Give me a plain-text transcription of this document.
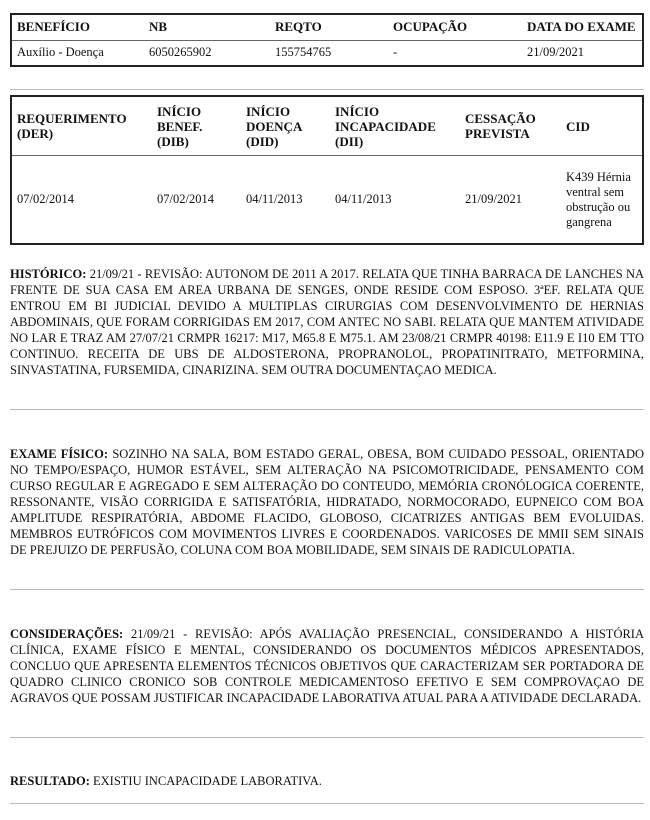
BENEFÍCIO	NB	REQTO	OCUPAÇÃO	DATA DO EXAME
Auxílio - Doença	6050265902	155754765	-	21/09/2021
REQUERIMENTO (DER)	INÍCIO BENEF. (DIB)	INÍCIO DOENÇA (DID)	INÍCIO INCAPACIDADE (DII)	CESSAÇÃO PREVISTA	CID
07/02/2014	07/02/2014	04/11/2013	04/11/2013	21/09/2021	K439 Hérnia ventral sem obstrução ou gangrena
HISTÓRICO: 21/09/21 - REVISÃO: AUTONOM DE 2011 A 2017. RELATA QUE TINHA BARRACA DE LANCHES NA FRENTE DE SUA CASA EM AREA URBANA DE SENGES, ONDE RESIDE COM ESPOSO. 3ªEF. RELATA QUE ENTROU EM BI JUDICIAL DEVIDO A MULTIPLAS CIRURGIAS COM DESENVOLVIMENTO DE HERNIAS ABDOMINAIS, QUE FORAM CORRIGIDAS EM 2017, COM ANTEC NO SABI. RELATA QUE MANTEM ATIVIDADE NO LAR E TRAZ AM 27/07/21 CRMPR 16217: M17, M65.8 E M75.1. AM 23/08/21 CRMPR 40198: E11.9 E I10 EM TTO CONTINUO. RECEITA DE UBS DE ALDOSTERONA, PROPRANOLOL, PROPATINITRATO, METFORMINA, SINVASTATINA, FURSEMIDA, CINARIZINA. SEM OUTRA DOCUMENTAÇAO MEDICA.
EXAME FÍSICO: SOZINHO NA SALA, BOM ESTADO GERAL, OBESA, BOM CUIDADO PESSOAL, ORIENTADO NO TEMPO/ESPAÇO, HUMOR ESTÁVEL, SEM ALTERAÇÃO NA PSICOMOTRICIDADE, PENSAMENTO COM CURSO REGULAR E AGREGADO E SEM ALTERAÇÃO DO CONTEUDO, MEMÓRIA CRONÓLOGICA COERENTE, RESSONANTE, VISÃO CORRIGIDA E SATISFATÓRIA, HIDRATADO, NORMOCORADO, EUPNEICO COM BOA AMPLITUDE RESPIRATÓRIA, ABDOME FLACIDO, GLOBOSO, CICATRIZES ANTIGAS BEM EVOLUIDAS. MEMBROS EUTRÓFICOS COM MOVIMENTOS LIVRES E COORDENADOS. VARICOSES DE MMII SEM SINAIS DE PREJUIZO DE PERFUSÃO, COLUNA COM BOA MOBILIDADE, SEM SINAIS DE RADICULOPATIA.
CONSIDERAÇÕES: 21/09/21 - REVISÃO: APÓS AVALIAÇÃO PRESENCIAL, CONSIDERANDO A HISTÓRIA CLÍNICA, EXAME FÍSICO E MENTAL, CONSIDERANDO OS DOCUMENTOS MÉDICOS APRESENTADOS, CONCLUO QUE APRESENTA ELEMENTOS TÉCNICOS OBJETIVOS QUE CARACTERIZAM SER PORTADORA DE QUADRO CLINICO CRONICO SOB CONTROLE MEDICAMENTOSO EFETIVO E SEM COMPROVAÇAO DE AGRAVOS QUE POSSAM JUSTIFICAR INCAPACIDADE LABORATIVA ATUAL PARA A ATIVIDADE DECLARADA.
RESULTADO: EXISTIU INCAPACIDADE LABORATIVA.
